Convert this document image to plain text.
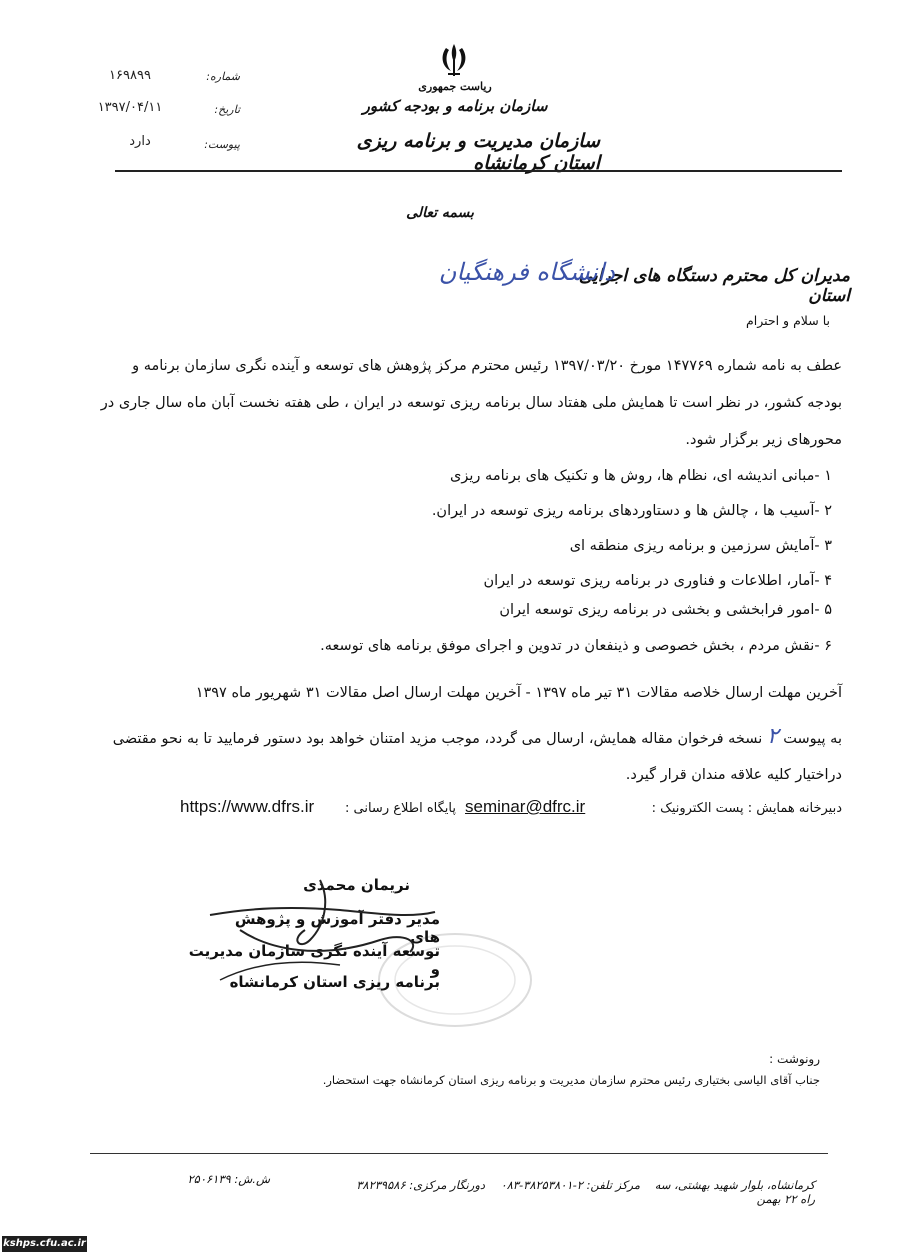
ریاست جمهوری
سازمان برنامه و بودجه کشور
سازمان مدیریت و برنامه ریزی استان کرمانشاه
شماره:
۱۶۹۸۹۹
تاریخ:
۱۳۹۷/۰۴/۱۱
پیوست:
دارد
بسمه تعالی
مدیران کل محترم دستگاه های اجرایی استان
دانشگاه فرهنگیان
با سلام و احترام
عطف به نامه شماره ۱۴۷۷۶۹ مورخ ۱۳۹۷/۰۳/۲۰ رئیس محترم مرکز پژوهش های توسعه و آینده نگری سازمان برنامه و
بودجه کشور، در نظر است تا همایش ملی هفتاد سال برنامه ریزی توسعه در ایران ، طی هفته نخست آبان ماه سال جاری در
محورهای زیر برگزار شود.
۱ -مبانی اندیشه ای، نظام ها، روش ها و تکنیک های برنامه ریزی
۲ -آسیب ها ، چالش ها و دستاوردهای برنامه ریزی توسعه در ایران.
۳ -آمایش سرزمین و برنامه ریزی منطقه ای
۴ -آمار، اطلاعات و فناوری در برنامه ریزی توسعه در ایران
۵ -امور فرابخشی و بخشی در برنامه ریزی توسعه ایران
۶ -نقش مردم ، بخش خصوصی و ذینفعان در تدوین و اجرای موفق برنامه های توسعه.
آخرین مهلت ارسال خلاصه مقالات ۳۱ تیر ماه ۱۳۹۷ - آخرین مهلت ارسال اصل مقالات ۳۱ شهریور ماه ۱۳۹۷
به پیوست ۲ نسخه فرخوان مقاله همایش، ارسال می گردد، موجب مزید امتنان خواهد بود دستور فرمایید تا به نحو مقتضی
دراختیار کلیه علاقه مندان قرار گیرد.
https://www.dfrs.ir پایگاه اطلاع رسانی : seminar@dfrc.ir	دبیرخانه همایش : پست الکترونیک :
نریمان محمدی
مدیر دفتر آموزش و پژوهش های
توسعه آینده نگری سازمان مدیریت و
برنامه ریزی استان کرمانشاه
رونوشت :
جناب آقای الیاسی بختیاری رئیس محترم سازمان مدیریت و برنامه ریزی استان کرمانشاه جهت استحضار.
کرمانشاه، بلوار شهید بهشتی، سه راه ۲۲ بهمن
مرکز تلفن: ۲-۳۸۲۵۳۸۰۱-۰۸۳
دورنگار مرکزی: ۳۸۲۳۹۵۸۶
ش.ش: ۲۵۰۶۱۳۹
kshps.cfu.ac.ir
